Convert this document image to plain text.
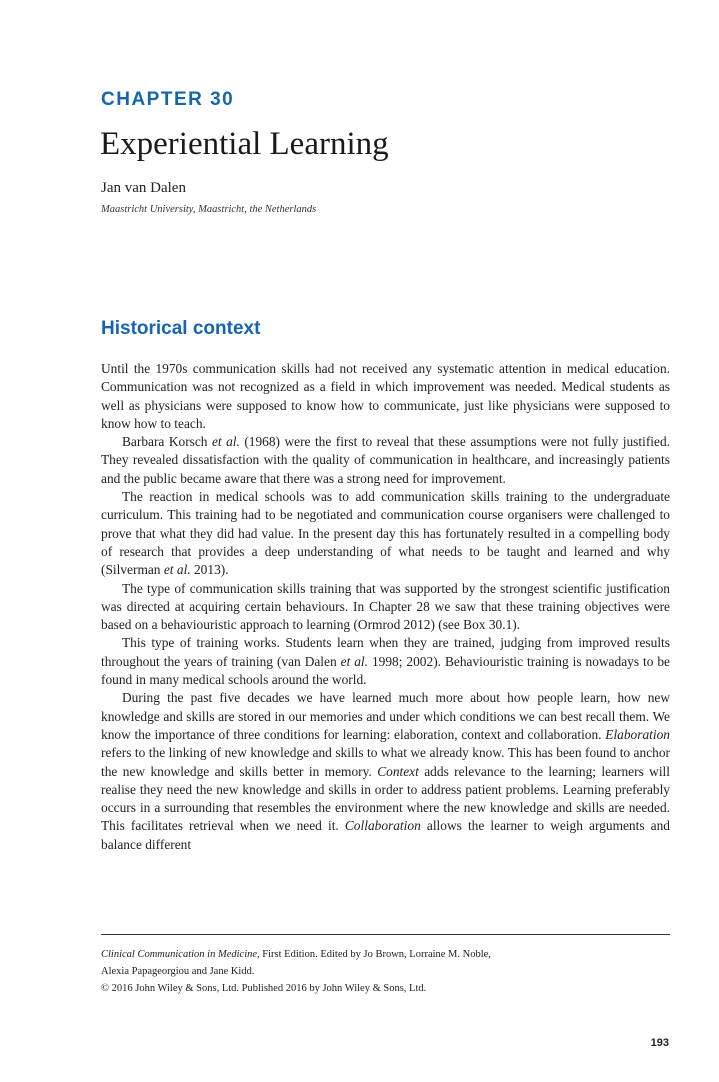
CHAPTER 30
Experiential Learning

Jan van Dalen

Maastricht University, Maastricht, the Netherlands

Historical context

Until the 1970s communication skills had not received any systematic attention in medical education. Communication was not recognized as a field in which improvement was needed. Medical students as well as physicians were supposed to know how to communicate, just like physicians were supposed to know how to teach.

Barbara Korsch et al. (1968) were the first to reveal that these assumptions were not fully justified. They revealed dissatisfaction with the quality of communication in healthcare, and increasingly patients and the public became aware that there was a strong need for improvement.

The reaction in medical schools was to add communication skills training to the undergraduate curriculum. This training had to be negotiated and communication course organisers were challenged to prove that what they did had value. In the present day this has fortunately resulted in a compelling body of research that provides a deep understanding of what needs to be taught and learned and why (Silverman et al. 2013).

The type of communication skills training that was supported by the strongest scientific justification was directed at acquiring certain behaviours. In Chapter 28 we saw that these training objectives were based on a behaviouristic approach to learning (Ormrod 2012) (see Box 30.1).

This type of training works. Students learn when they are trained, judging from improved results throughout the years of training (van Dalen et al. 1998; 2002). Behaviouristic training is nowadays to be found in many medical schools around the world.

During the past five decades we have learned much more about how people learn, how new knowledge and skills are stored in our memories and under which conditions we can best recall them. We know the importance of three conditions for learning: elaboration, context and collaboration. Elaboration refers to the linking of new knowledge and skills to what we already know. This has been found to anchor the new knowledge and skills better in memory. Context adds relevance to the learning; learners will realise they need the new knowledge and skills in order to address patient problems. Learning preferably occurs in a surrounding that resembles the environment where the new knowledge and skills are needed. This facilitates retrieval when we need it. Collaboration allows the learner to weigh arguments and balance different

Clinical Communication in Medicine, First Edition. Edited by Jo Brown, Lorraine M. Noble,
Alexia Papageorgiou and Jane Kidd.
© 2016 John Wiley & Sons, Ltd. Published 2016 by John Wiley & Sons, Ltd.
193
